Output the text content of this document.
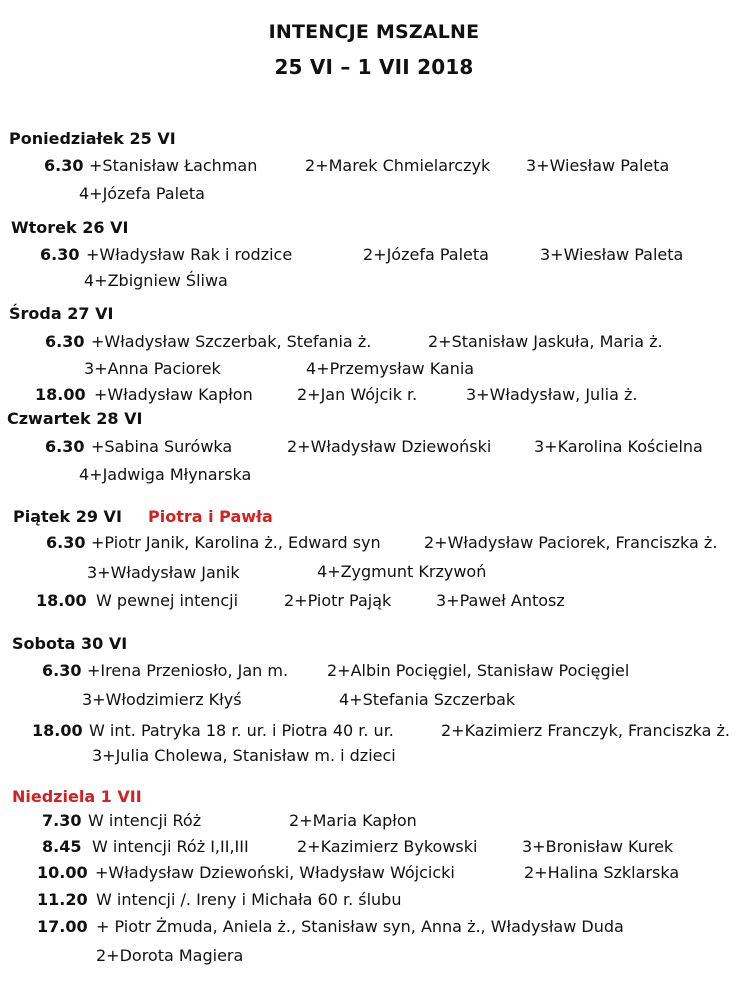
INTENCJE MSZALNE
25 VI – 1 VII 2018
Poniedziałek 25 VI
6.30 +Stanisław Łachman	2+Marek Chmielarczyk 3+Wiesław Paleta
4+Józefa Paleta
Wtorek 26 VI
6.30 +Władysław Rak i rodzice	2+Józefa Paleta	3+Wiesław Paleta
4+Zbigniew Śliwa
Środa 27 VI
6.30 +Władysław Szczerbak, Stefania ż.	2+Stanisław Jaskuła, Maria ż.
3+Anna Paciorek	4+Przemysław Kania
18.00 +Władysław Kapłon	2+Jan Wójcik r.	3+Władysław, Julia ż.
Czwartek 28 VI
6.30 +Sabina Surówka	2+Władysław Dziewoński	3+Karolina Kościelna
4+Jadwiga Młynarska
Piątek 29 VI Piotra i Pawła
6.30 +Piotr Janik, Karolina ż., Edward syn	2+Władysław Paciorek, Franciszka ż.
3+Władysław Janik	4+Zygmunt Krzywoń
18.00 W pewnej intencji	2+Piotr Pająk	3+Paweł Antosz
Sobota 30 VI
6.30 +Irena Przeniosło, Jan m. 2+Albin Pocięgiel, Stanisław Pocięgiel
3+Włodzimierz Kłyś	4+Stefania Szczerbak
18.00 W int. Patryka 18 r. ur. i Piotra 40 r. ur.	2+Kazimierz Franczyk, Franciszka ż.
3+Julia Cholewa, Stanisław m. i dzieci
Niedziela 1 VII
7.30 W intencji Róż	2+Maria Kapłon
8.45 W intencji Róż I,II,III	2+Kazimierz Bykowski	3+Bronisław Kurek
10.00 +Władysław Dziewoński, Władysław Wójcicki	2+Halina Szklarska
11.20 W intencji /. Ireny i Michała 60 r. ślubu
17.00 + Piotr Żmuda, Aniela ż., Stanisław syn, Anna ż., Władysław Duda
2+Dorota Magiera
